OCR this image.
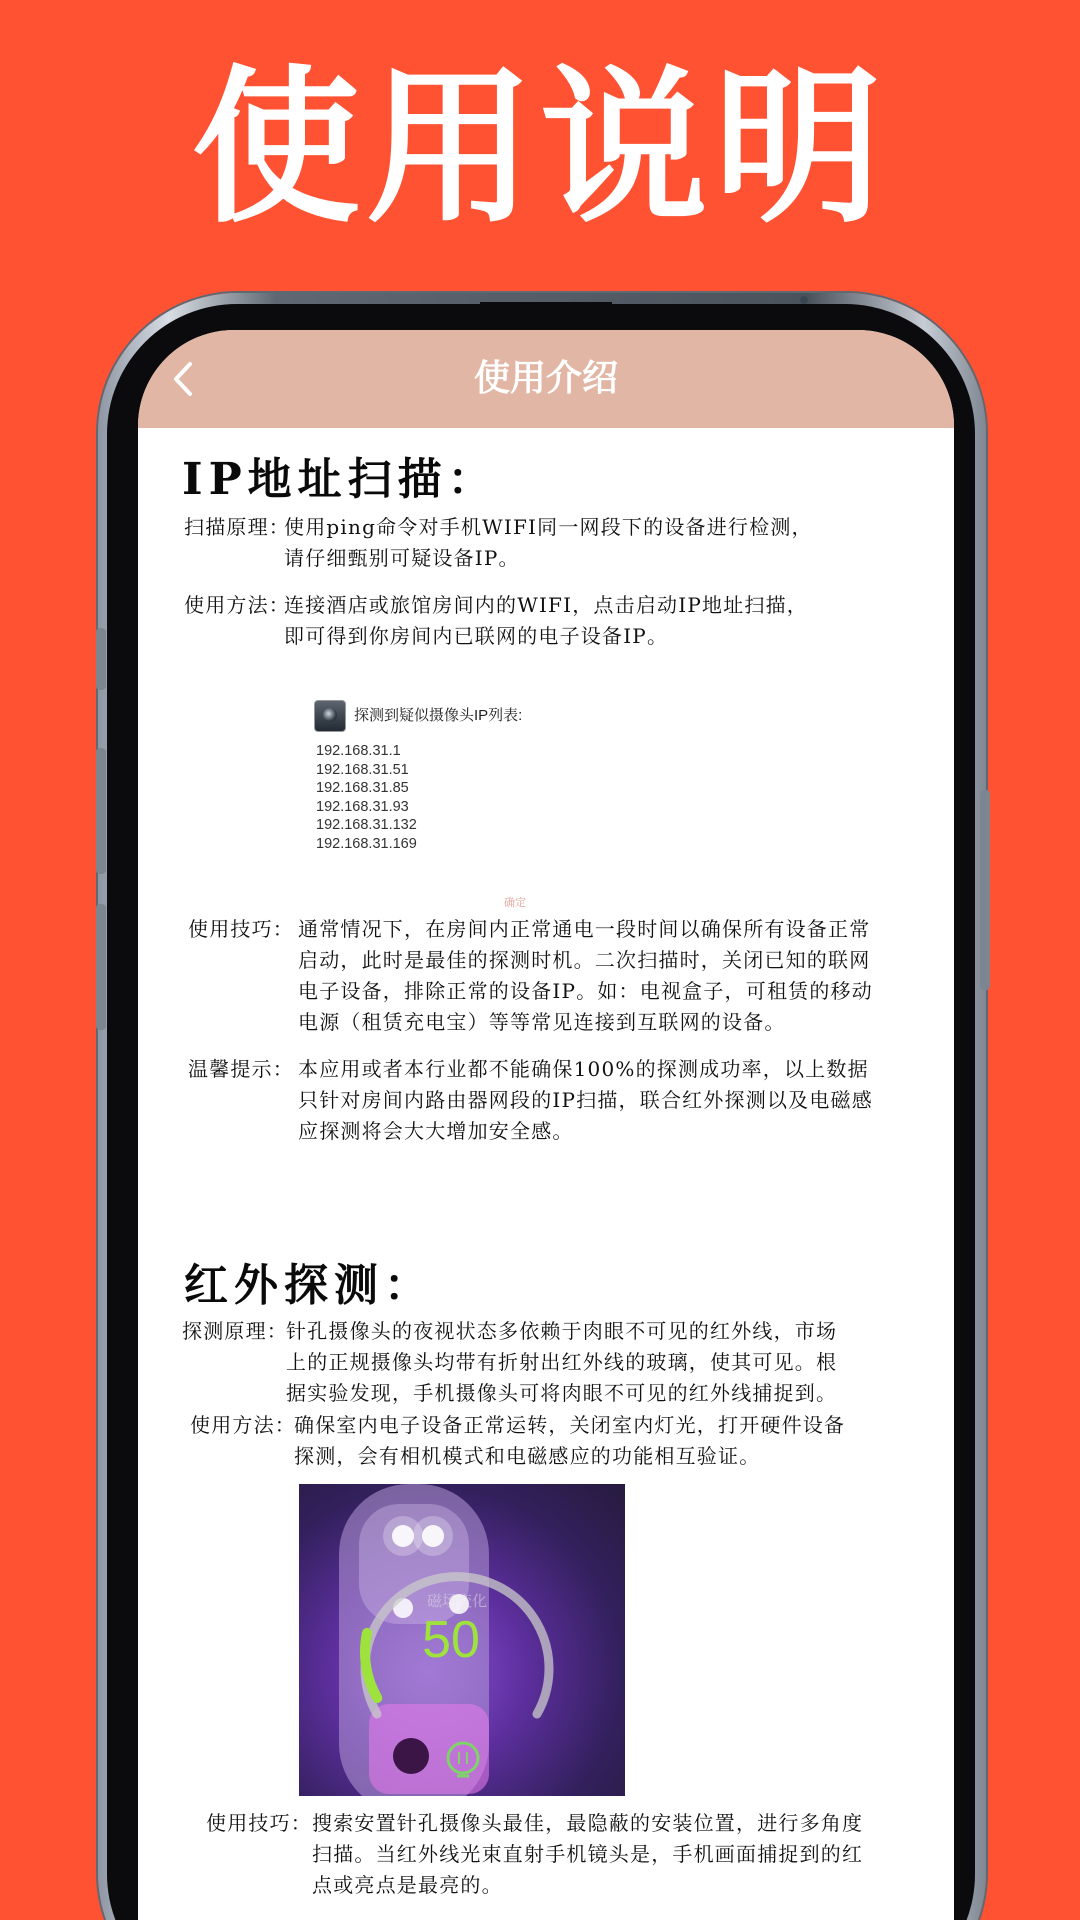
使用说明
使用介绍
IP地址扫描：
扫描原理：
使用ping命令对手机WIFI同一网段下的设备进行检测，请仔细甄别可疑设备IP。
使用方法：
连接酒店或旅馆房间内的WIFI，点击启动IP地址扫描，即可得到你房间内已联网的电子设备IP。
探测到疑似摄像头IP列表:
192.168.31.1
192.168.31.51
192.168.31.85
192.168.31.93
192.168.31.132
192.168.31.169
确定
使用技巧： 通常情况下，在房间内正常通电一段时间以确保所有设备正常启动，此时是最佳的探测时机。二次扫描时，关闭已知的联网电子设备，排除正常的设备IP。如：电视盒子，可租赁的移动电源（租赁充电宝）等等常见连接到互联网的设备。
温馨提示： 本应用或者本行业都不能确保100%的探测成功率，以上数据只针对房间内路由器网段的IP扫描，联合红外探测以及电磁感应探测将会大大增加安全感。
红外探测：
探测原理：
针孔摄像头的夜视状态多依赖于肉眼不可见的红外线，市场上的正规摄像头均带有折射出红外线的玻璃，使其可见。根据实验发现，手机摄像头可将肉眼不可见的红外线捕捉到。
使用方法：
确保室内电子设备正常运转，关闭室内灯光，打开硬件设备探测，会有相机模式和电磁感应的功能相互验证。
磁场变化
50
使用技巧： 搜索安置针孔摄像头最佳，最隐蔽的安装位置，进行多角度扫描。当红外线光束直射手机镜头是，手机画面捕捉到的红点或亮点是最亮的。
